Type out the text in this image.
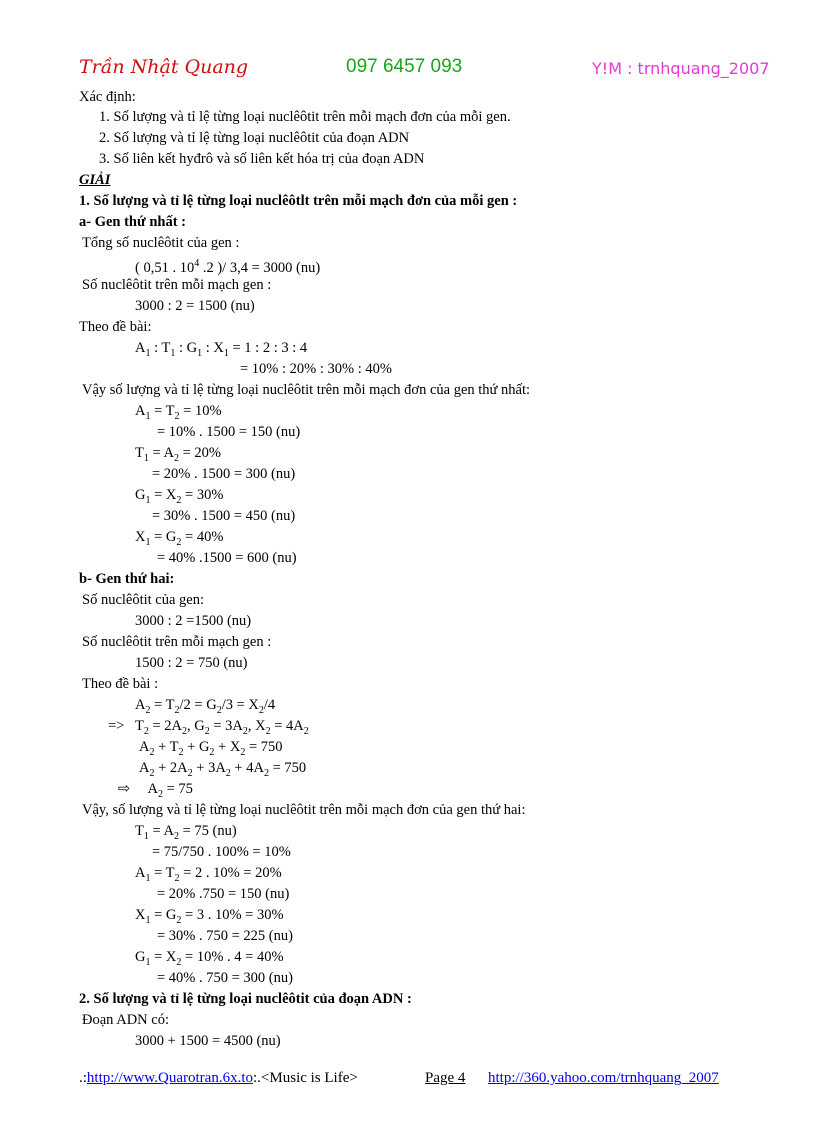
Trần Nhật Quang	097 6457 093	Y!M : trnhquang_2007
Xác định:
1. Số lượng và tỉ lệ từng loại nuclêôtit trên mỗi mạch đơn của mỗi gen.
2. Số lượng và tỉ lệ từng loại nuclêôtit của đoạn ADN
3. Số liên kết hyđrô và số liên kết hóa trị của đoạn ADN
GIẢI
1. Số lượng và tỉ lệ từng loại nuclêôtlt trên mỗi mạch đơn của mỗi gen :
a- Gen thứ nhất :
Tổng số nuclêôtit của gen :
( 0,51 . $10^4$ .2 )/ 3,4 = 3000 (nu)
Số nuclêôtit trên mỗi mạch gen :
3000 : 2 = 1500 (nu)
Theo đề bài:
$A_1$ : $T_1$ : $G_1$ : $X_1 = 1$ : 2 : 3 : 4
= 10% : 20% : 30% : 40%
Vậy số lượng và tỉ lệ từng loại nuclêôtit trên mỗi mạch đơn của gen thứ nhất:
$A_1 = T_2 = 10\%$
= 10% . 1500 = 150 (nu)
$T_1 = A_2 = 20\%$
= 20% . 1500 = 300 (nu)
$G_1 = X_2 = 30\%$
= 30% . 1500 = 450 (nu)
$X_1 = G_2 = 40\%$
= 40% .1500 = 600 (nu)
b- Gen thứ hai:
Số nuclêôtit của gen:
3000 : 2 =1500 (nu)
Số nuclêôtit trên mỗi mạch gen :
1500 : 2 = 750 (nu)
Theo đề bài :
$A_2 = T_2/2 = G_2/3 = X_2/4$
=>   $T_2 = 2A_2$, $G_2 = 3A_2$, $X_2 = 4A_2$
$A_2 + T_2 + G_2 + X_2 = 750$
$A_2 + 2A_2 + 3A_2 + 4A_2 = 750$
⇨     $A_2 = 75$
Vậy, số lượng và tỉ lệ từng loại nuclêôtit trên mỗi mạch đơn của gen thứ hai:
$T_1 = A_2 = 75$ (nu)
= 75/750 . 100% = 10%
$A_1 = T_2 = 2$ . 10% = 20%
= 20% .750 = 150 (nu)
$X_1 = G_2 = 3$ . 10% = 30%
= 30% . 750 = 225 (nu)
$G_1 = X_2 = 10\%$ . 4 = 40%
= 40% . 750 = 300 (nu)
2. Số lượng và tỉ lệ từng loại nuclêôtit của đoạn ADN :
Đoạn ADN có:
3000 + 1500 = 4500 (nu)
.:http://www.Quarotran.6x.to:.<Music is Life>	Page 4 http://360.yahoo.com/trnhquang_2007
